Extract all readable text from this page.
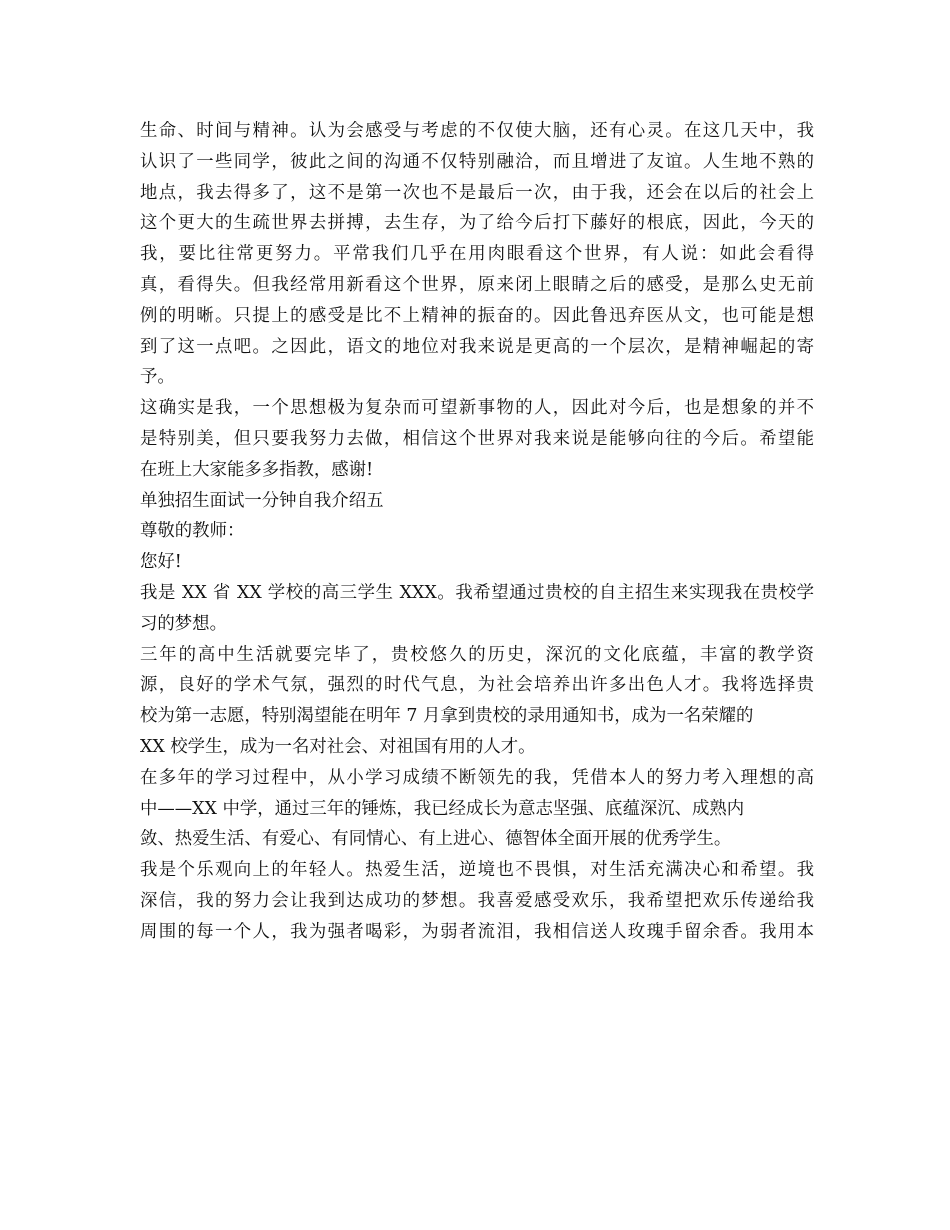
生命、时间与精神。认为会感受与考虑的不仅使大脑，还有心灵。在这几天中，我
认识了一些同学，彼此之间的沟通不仅特别融洽，而且增进了友谊。人生地不熟的
地点，我去得多了，这不是第一次也不是最后一次，由于我，还会在以后的社会上
这个更大的生疏世界去拼搏，去生存，为了给今后打下藤好的根底，因此，今天的
我，要比往常更努力。平常我们几乎在用肉眼看这个世界，有人说：如此会看得
真，看得失。但我经常用新看这个世界，原来闭上眼睛之后的感受，是那么史无前
例的明晰。只提上的感受是比不上精神的振奋的。因此鲁迅弃医从文，也可能是想
到了这一点吧。之因此，语文的地位对我来说是更高的一个层次，是精神崛起的寄
予。
这确实是我，一个思想极为复杂而可望新事物的人，因此对今后，也是想象的并不
是特别美，但只要我努力去做，相信这个世界对我来说是能够向往的今后。希望能
在班上大家能多多指教，感谢!
单独招生面试一分钟自我介绍五
尊敬的教师：
您好!
我是 XX 省 XX 学校的高三学生 XXX。我希望通过贵校的自主招生来实现我在贵校学
习的梦想。
三年的高中生活就要完毕了，贵校悠久的历史，深沉的文化底蕴，丰富的教学资
源，良好的学术气氛，强烈的时代气息，为社会培养出许多出色人才。我将选择贵
校为第一志愿，特别渴望能在明年 7 月拿到贵校的录用通知书，成为一名荣耀的
XX 校学生，成为一名对社会、对祖国有用的人才。
在多年的学习过程中，从小学习成绩不断领先的我，凭借本人的努力考入理想的高
中——XX 中学，通过三年的锤炼，我已经成长为意志坚强、底蕴深沉、成熟内
敛、热爱生活、有爱心、有同情心、有上进心、德智体全面开展的优秀学生。
我是个乐观向上的年轻人。热爱生活，逆境也不畏惧，对生活充满决心和希望。我
深信，我的努力会让我到达成功的梦想。我喜爱感受欢乐，我希望把欢乐传递给我
周围的每一个人，我为强者喝彩，为弱者流泪，我相信送人玫瑰手留余香。我用本
